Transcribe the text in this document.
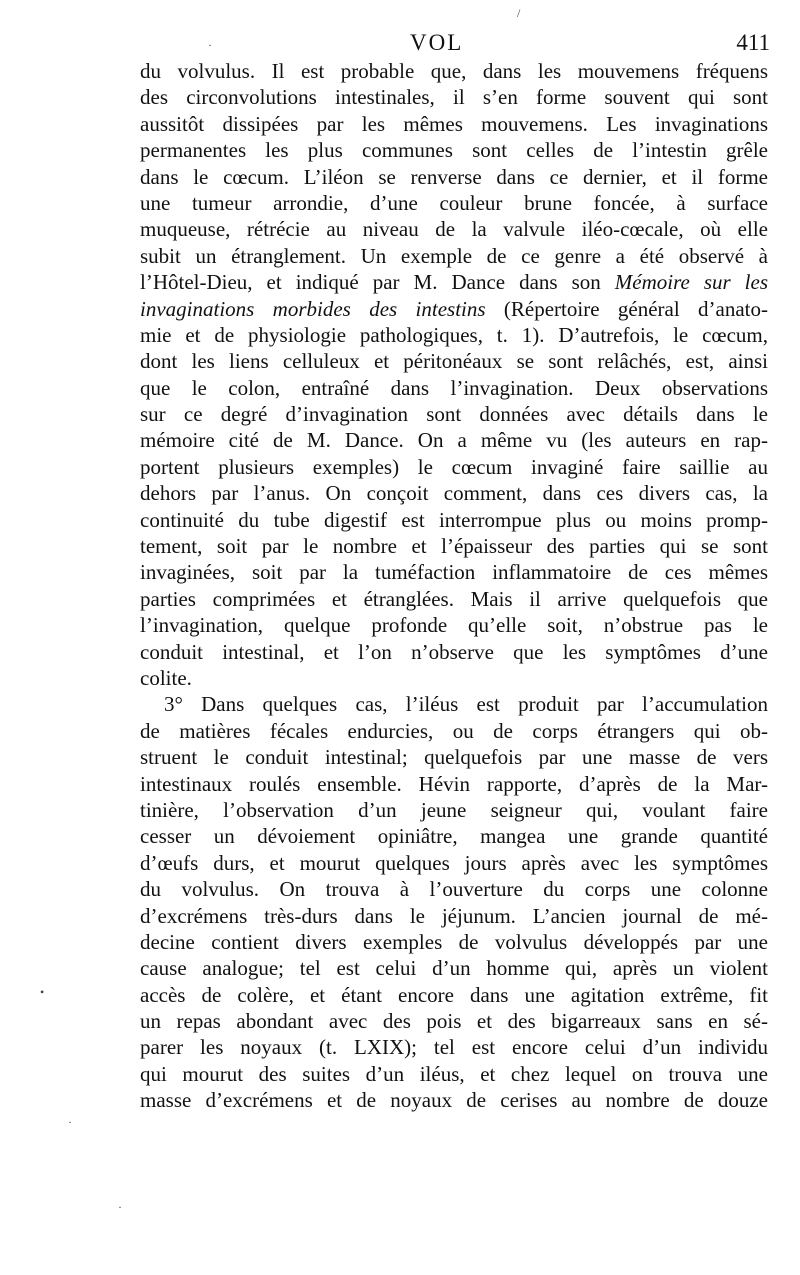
VOL	411
du volvulus. Il est probable que, dans les mouvemens fréquens
des circonvolutions intestinales, il s’en forme souvent qui sont
aussitôt dissipées par les mêmes mouvemens. Les invaginations
permanentes les plus communes sont celles de l’intestin grêle
dans le cœcum. L’iléon se renverse dans ce dernier, et il forme
une tumeur arrondie, d’une couleur brune foncée, à surface
muqueuse, rétrécie au niveau de la valvule iléo-cœcale, où elle
subit un étranglement. Un exemple de ce genre a été observé à
l’Hôtel-Dieu, et indiqué par M. Dance dans son Mémoire sur les
invaginations morbides des intestins (Répertoire général d’anato-
mie et de physiologie pathologiques, t. 1). D’autrefois, le cœcum,
dont les liens celluleux et péritonéaux se sont relâchés, est, ainsi
que le colon, entraîné dans l’invagination. Deux observations
sur ce degré d’invagination sont données avec détails dans le
mémoire cité de M. Dance. On a même vu (les auteurs en rap-
portent plusieurs exemples) le cœcum invaginé faire saillie au
dehors par l’anus. On conçoit comment, dans ces divers cas, la
continuité du tube digestif est interrompue plus ou moins promp-
tement, soit par le nombre et l’épaisseur des parties qui se sont
invaginées, soit par la tuméfaction inflammatoire de ces mêmes
parties comprimées et étranglées. Mais il arrive quelquefois que
l’invagination, quelque profonde qu’elle soit, n’obstrue pas le
conduit intestinal, et l’on n’observe que les symptômes d’une
colite.
3° Dans quelques cas, l’iléus est produit par l’accumulation
de matières fécales endurcies, ou de corps étrangers qui ob-
struent le conduit intestinal; quelquefois par une masse de vers
intestinaux roulés ensemble. Hévin rapporte, d’après de la Mar-
tinière, l’observation d’un jeune seigneur qui, voulant faire
cesser un dévoiement opiniâtre, mangea une grande quantité
d’œufs durs, et mourut quelques jours après avec les symptômes
du volvulus. On trouva à l’ouverture du corps une colonne
d’excrémens très-durs dans le jéjunum. L’ancien journal de mé-
decine contient divers exemples de volvulus développés par une
cause analogue; tel est celui d’un homme qui, après un violent
accès de colère, et étant encore dans une agitation extrême, fit
un repas abondant avec des pois et des bigarreaux sans en sé-
parer les noyaux (t. LXIX); tel est encore celui d’un individu
qui mourut des suites d’un iléus, et chez lequel on trouva une
masse d’excrémens et de noyaux de cerises au nombre de douze
/
·
•
·
·
